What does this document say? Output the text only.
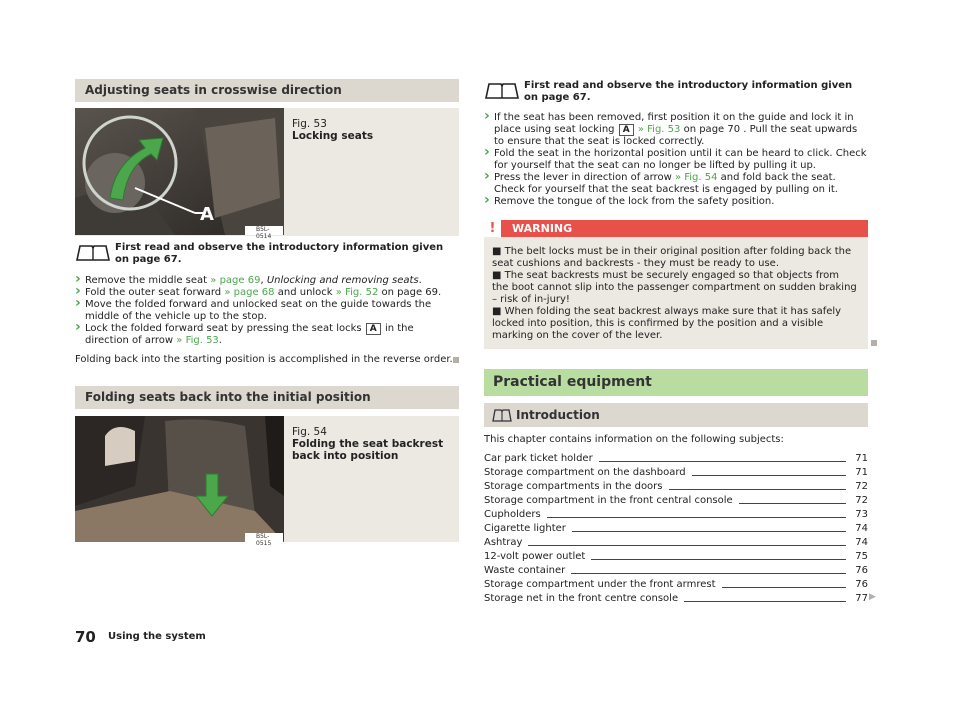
Adjusting seats in crosswise direction
A
B5L-0514
Fig. 53
Locking seats
First read and observe the introductory information given on page 67.
› Remove the middle seat » page 69, Unlocking and removing seats.
› Fold the outer seat forward » page 68 and unlock » Fig. 52 on page 69.
› Move the folded forward and unlocked seat on the guide towards the middle of the vehicle up to the stop.
› Lock the folded forward seat by pressing the seat locks A in the direction of arrow » Fig. 53.
Folding back into the starting position is accomplished in the reverse order.
Folding seats back into the initial position
B5L-0515
Fig. 54
Folding the seat backrest back into position
First read and observe the introductory information given on page 67.
› If the seat has been removed, first position it on the guide and lock it in place using seat locking A » Fig. 53 on page 70 . Pull the seat upwards to ensure that the seat is locked correctly.
› Fold the seat in the horizontal position until it can be heard to click. Check for yourself that the seat can no longer be lifted by pulling it up.
› Press the lever in direction of arrow » Fig. 54 and fold back the seat. Check for yourself that the seat backrest is engaged by pulling on it.
› Remove the tongue of the lock from the safety position.
!	WARNING
■ The belt locks must be in their original position after folding back the seat cushions and backrests - they must be ready to use.
■ The seat backrests must be securely engaged so that objects from the boot cannot slip into the passenger compartment on sudden braking – risk of in-jury!
■ When folding the seat backrest always make sure that it has safely locked into position, this is confirmed by the position and a visible marking on the cover of the lever.
Practical equipment
Introduction
This chapter contains information on the following subjects:
Car park ticket holder	71
Storage compartment on the dashboard	71
Storage compartments in the doors	72
Storage compartment in the front central console	72
Cupholders	73
Cigarette lighter	74
Ashtray	74
12-volt power outlet	75
Waste container	76
Storage compartment under the front armrest	76
Storage net in the front centre console	77 ▶
70 Using the system
